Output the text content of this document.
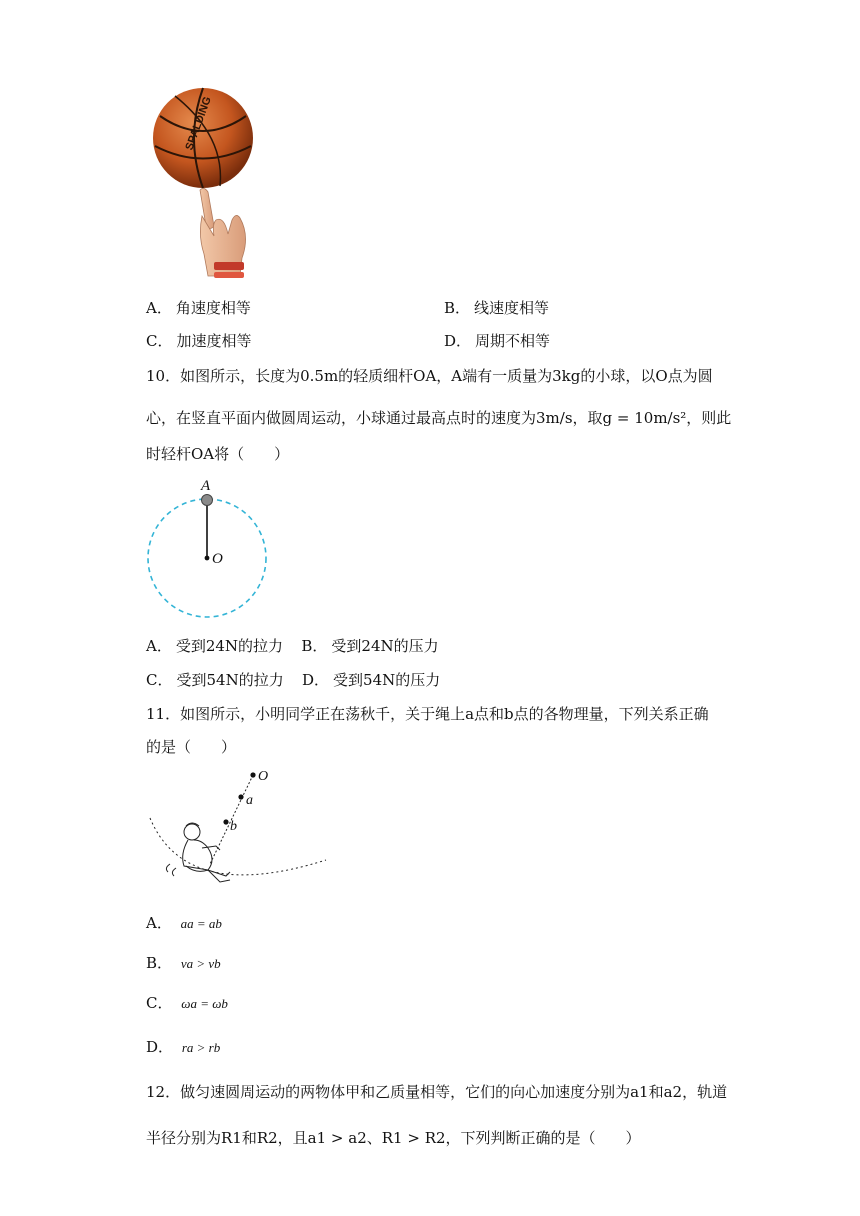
SPALDING
A． 角速度相等	B． 线速度相等
C． 加速度相等	D． 周期不相等
10．如图所示，长度为0.5m的轻质细杆OA，A端有一质量为3kg的小球，以O点为圆
心，在竖直平面内做圆周运动，小球通过最高点时的速度为3m/s，取g = 10m/s²，则此
时轻杆OA将（　　）
A
O
A． 受到24N的拉力 B． 受到24N的压力
C． 受到54N的拉力 D． 受到54N的压力
11．如图所示，小明同学正在荡秋千，关于绳上a点和b点的各物理量，下列关系正确
的是（　　）
O
a
b
A． aa = ab
B． va > vb
C． ωa = ωb
D． ra > rb
12．做匀速圆周运动的两物体甲和乙质量相等，它们的向心加速度分别为a1和a2，轨道
半径分别为R1和R2，且a1 > a2、R1 > R2，下列判断正确的是（　　）
